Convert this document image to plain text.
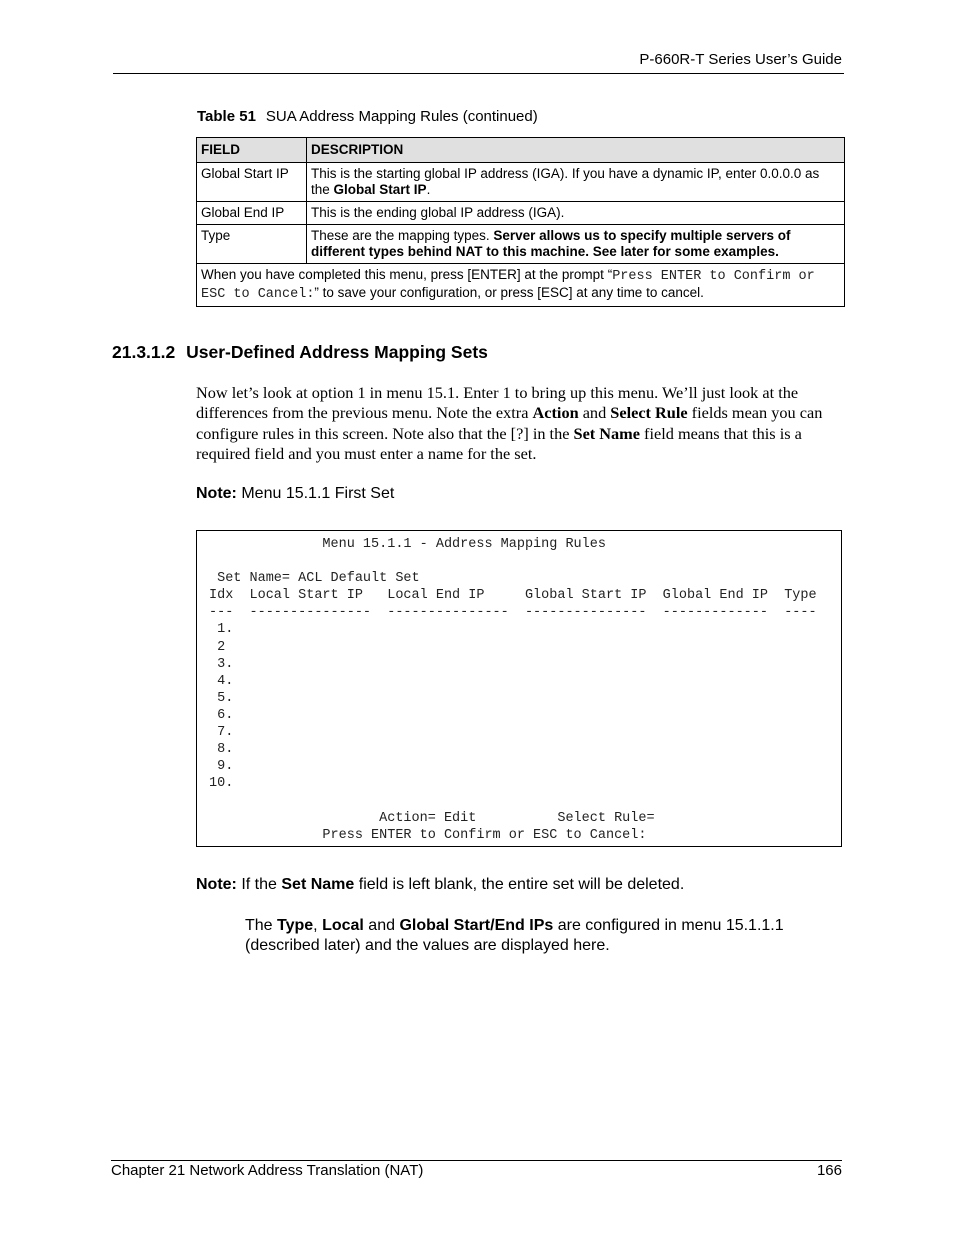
P-660R-T Series User’s Guide
Table 51 SUA Address Mapping Rules (continued)
FIELD	DESCRIPTION
Global Start IP	This is the starting global IP address (IGA). If you have a dynamic IP, enter 0.0.0.0 as the Global Start IP.
Global End IP	This is the ending global IP address (IGA).
Type	These are the mapping types. Server allows us to specify multiple servers of different types behind NAT to this machine. See later for some examples.
When you have completed this menu, press [ENTER] at the prompt “Press ENTER to Confirm or ESC to Cancel:” to save your configuration, or press [ESC] at any time to cancel.	
21.3.1.2 User-Defined Address Mapping Sets
Now let’s look at option 1 in menu 15.1. Enter 1 to bring up this menu. We’ll just look at the differences from the previous menu. Note the extra Action and Select Rule fields mean you can configure rules in this screen. Note also that the [?] in the Set Name field means that this is a required field and you must enter a name for the set.
Note: Menu 15.1.1 First Set
Menu 15.1.1 - Address Mapping Rules

Set Name= ACL Default Set
Idx  Local Start IP   Local End IP     Global Start IP  Global End IP  Type
---  ---------------  ---------------  ---------------  -------------  ----
1.
2
3.
4.
5.
6.
7.
8.
9.
10.

Action= Edit          Select Rule=
Press ENTER to Confirm or ESC to Cancel:
Note: If the Set Name field is left blank, the entire set will be deleted.
The Type, Local and Global Start/End IPs are configured in menu 15.1.1.1 (described later) and the values are displayed here.
Chapter 21 Network Address Translation (NAT)	166
